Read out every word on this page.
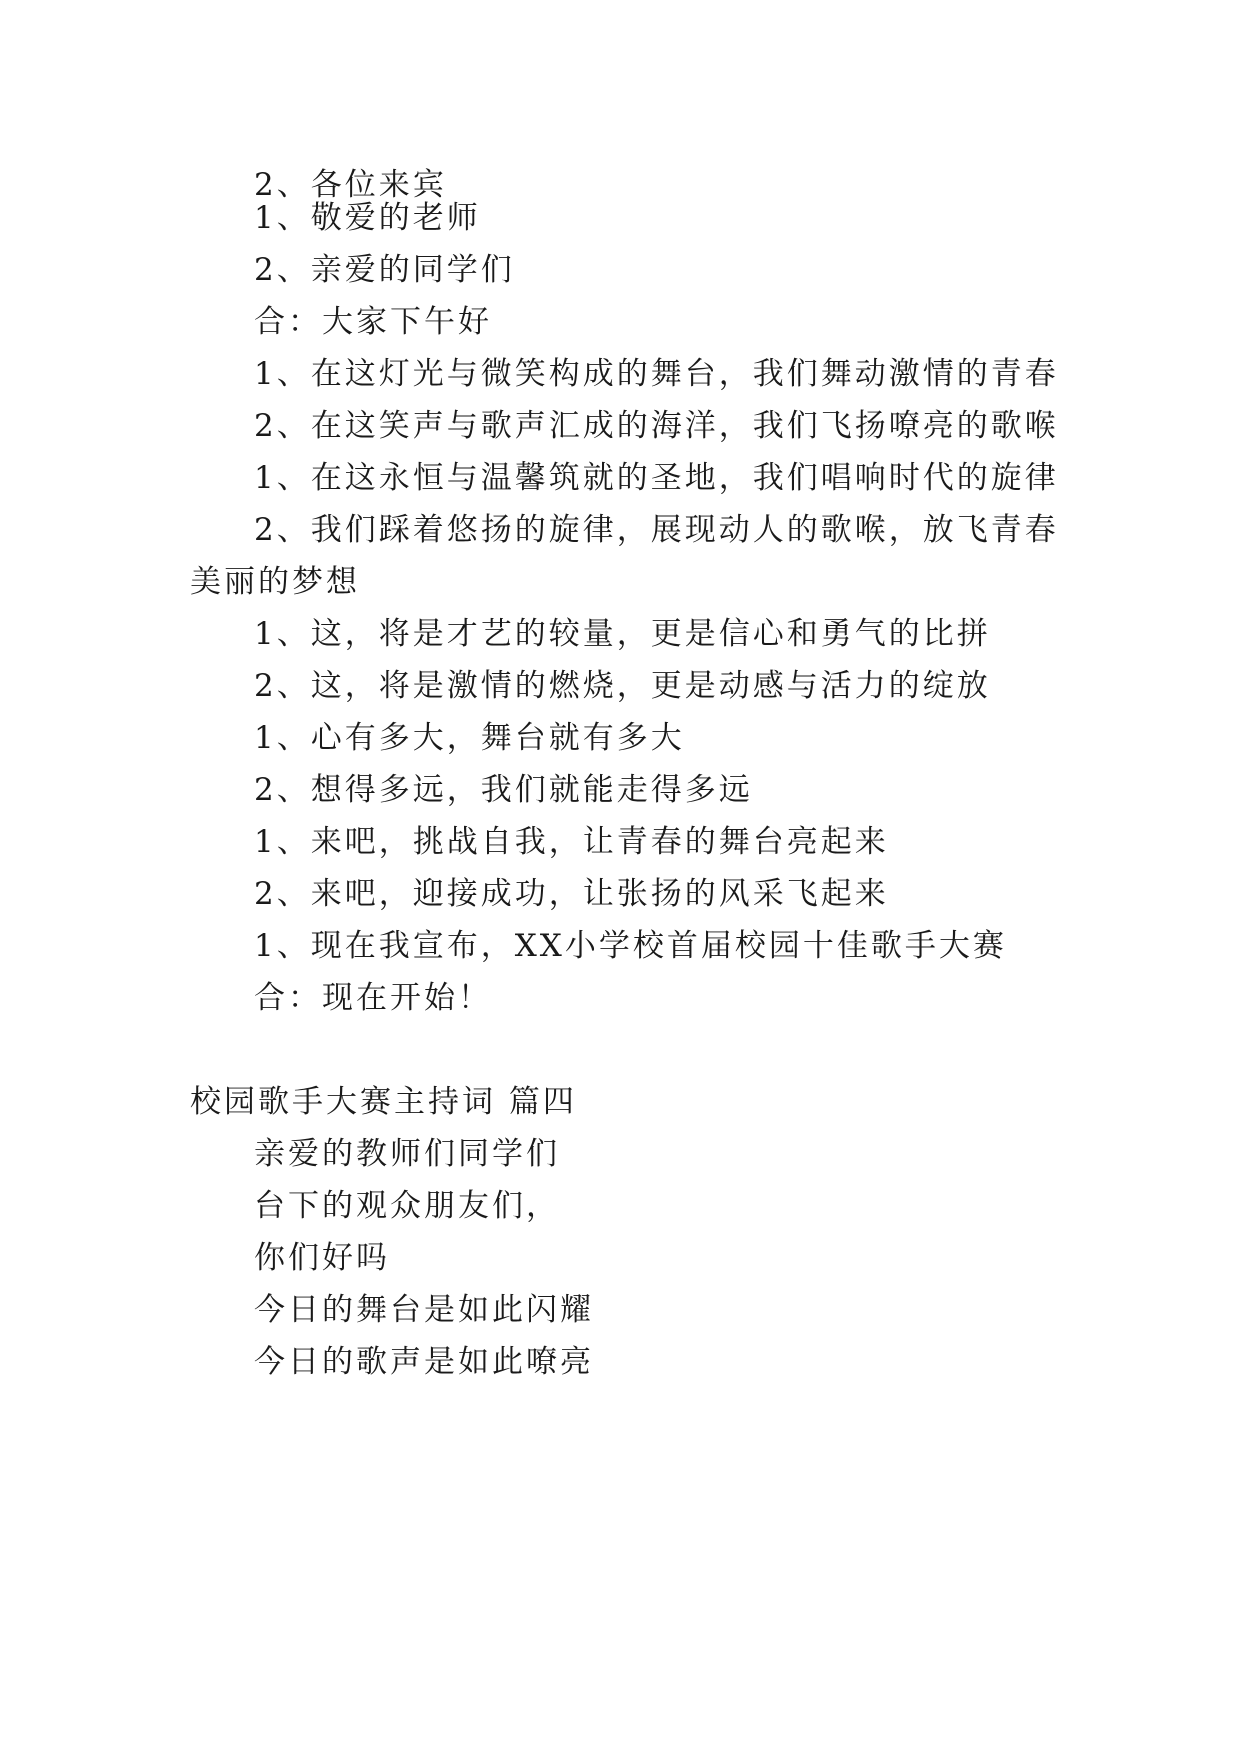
2、各位来宾

1、敬爱的老师

2、亲爱的同学们

合：大家下午好

1、在这灯光与微笑构成的舞台，我们舞动激情的青春

2、在这笑声与歌声汇成的海洋，我们飞扬嘹亮的歌喉

1、在这永恒与温馨筑就的圣地，我们唱响时代的旋律

2、我们踩着悠扬的旋律，展现动人的歌喉，放飞青春

美丽的梦想

1、这，将是才艺的较量，更是信心和勇气的比拼

2、这，将是激情的燃烧，更是动感与活力的绽放

1、心有多大，舞台就有多大

2、想得多远，我们就能走得多远

1、来吧，挑战自我，让青春的舞台亮起来

2、来吧，迎接成功，让张扬的风采飞起来

1、现在我宣布，XX小学校首届校园十佳歌手大赛

合：现在开始！

校园歌手大赛主持词 篇四

亲爱的教师们同学们

台下的观众朋友们，

你们好吗

今日的舞台是如此闪耀

今日的歌声是如此嘹亮
